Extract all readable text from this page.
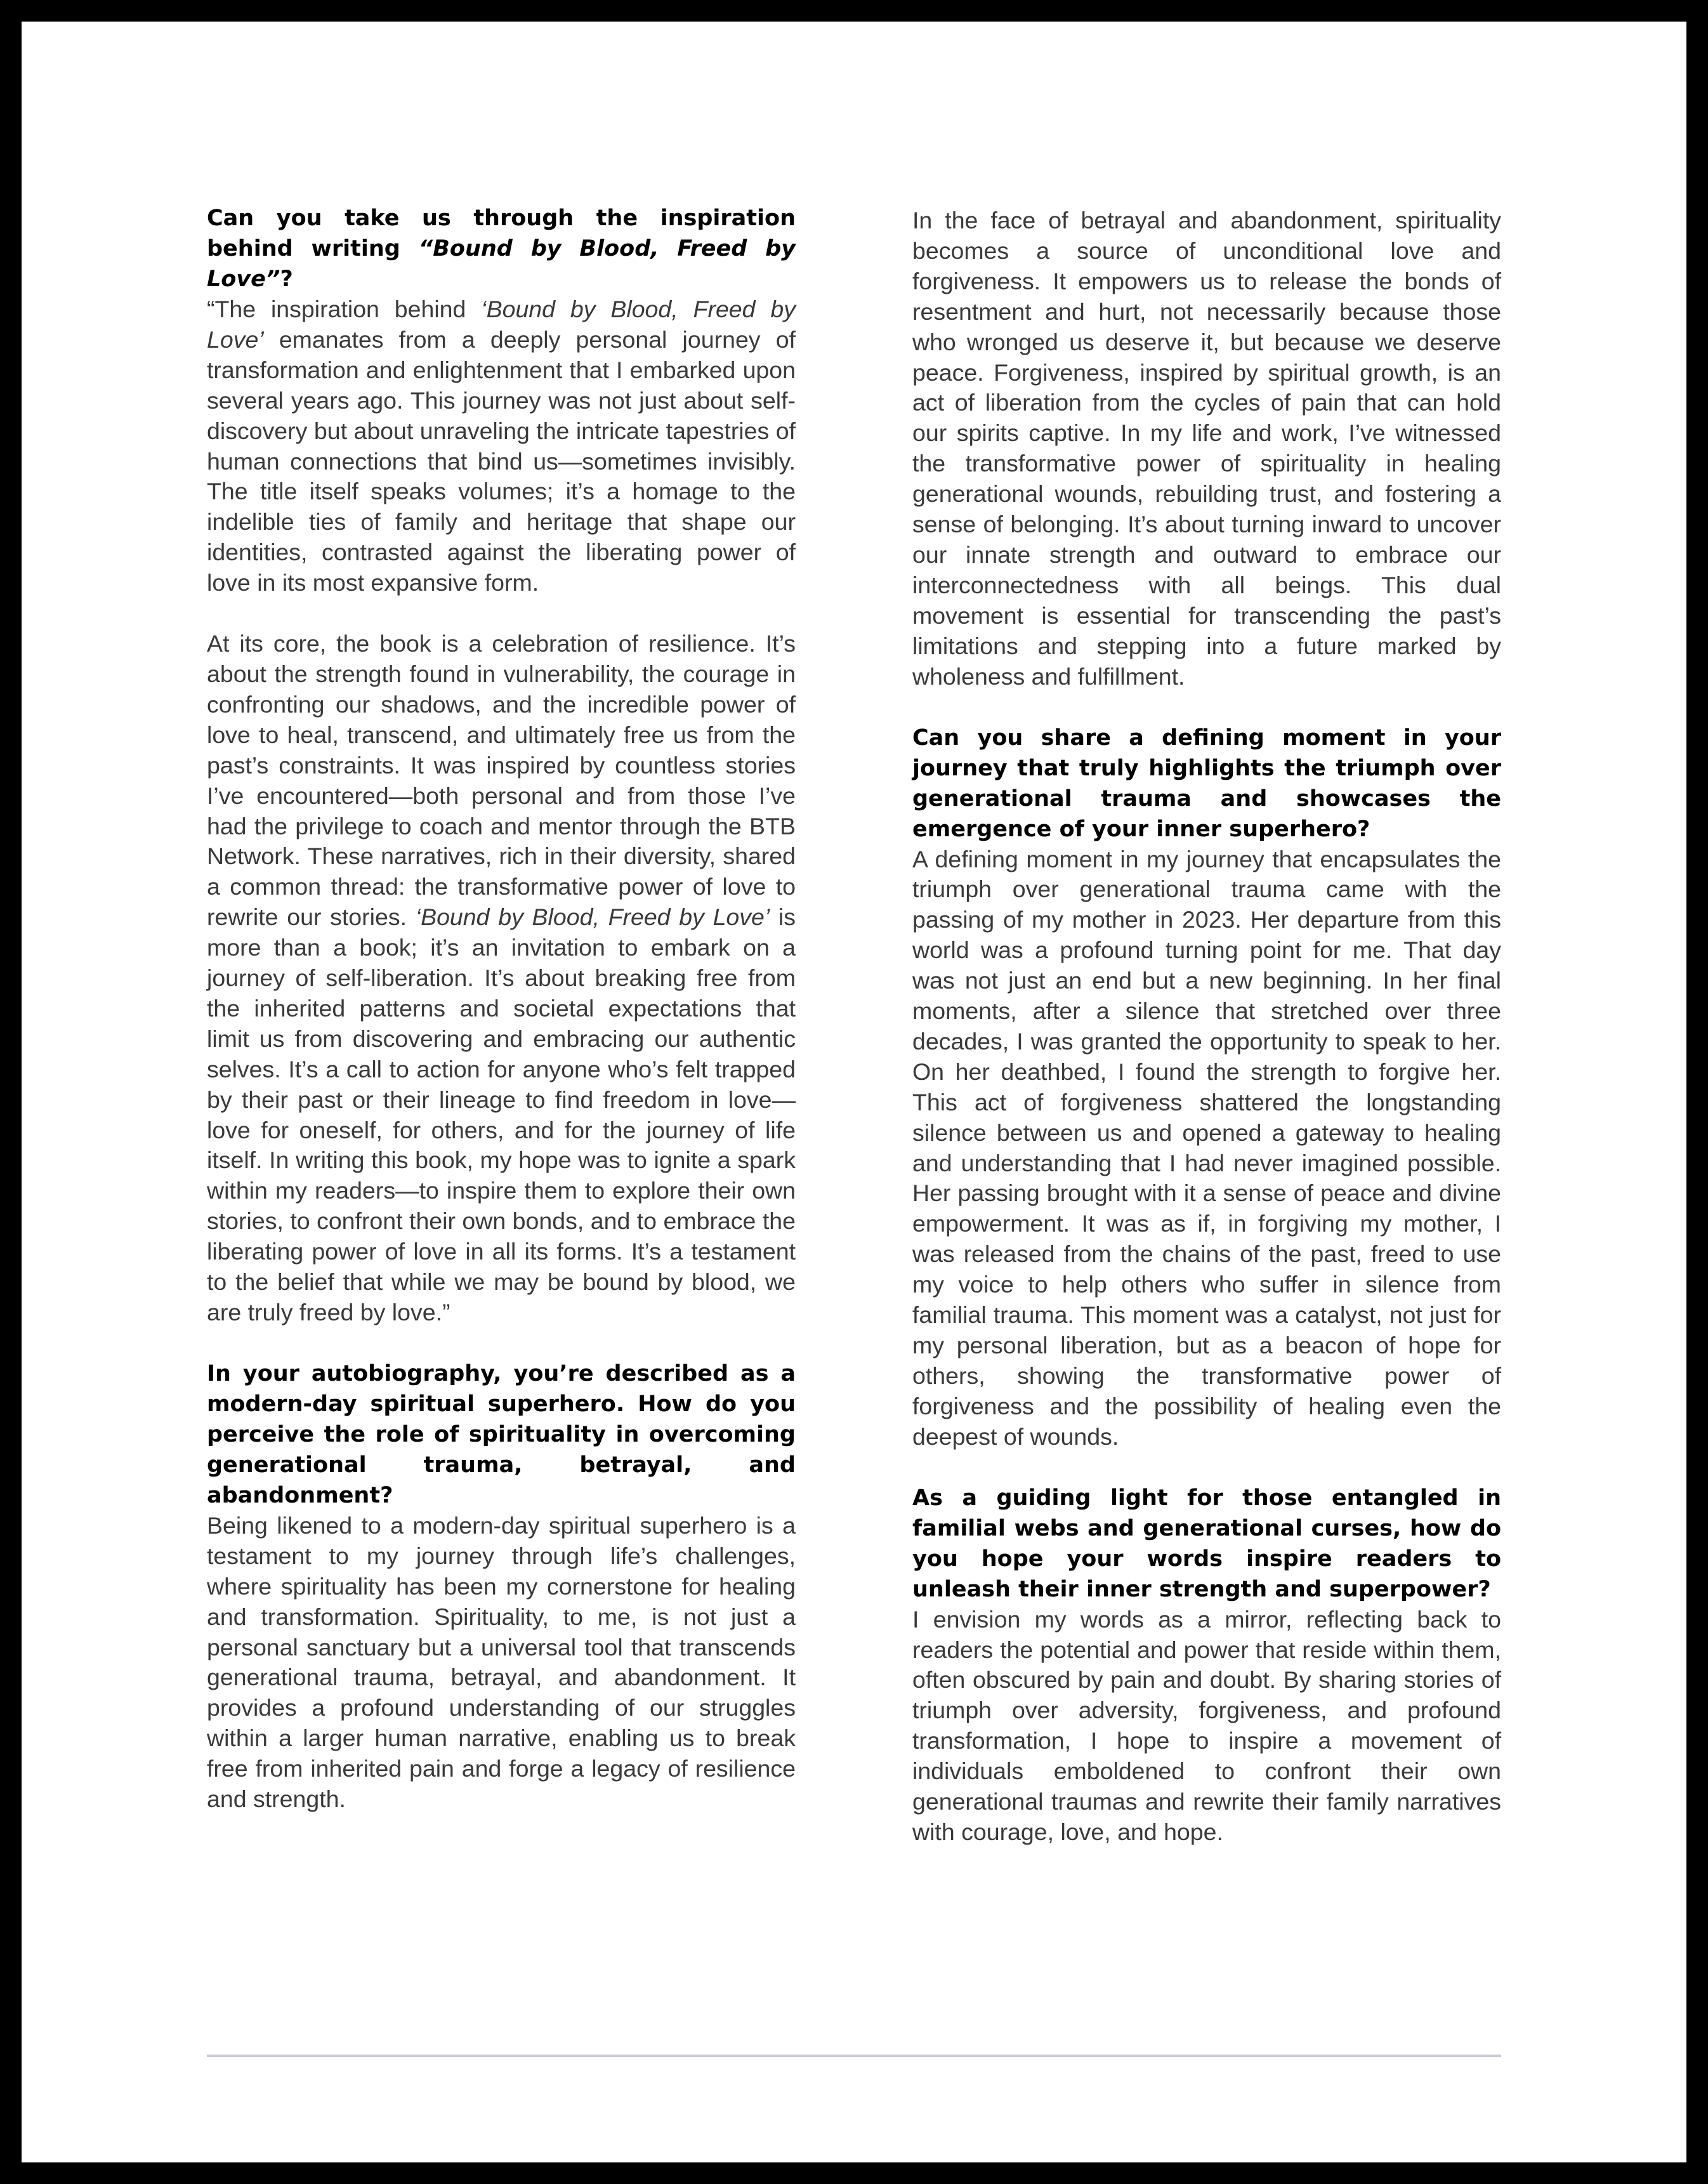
Can you take us through the inspiration behind writing “Bound by Blood, Freed by Love”?

“The inspiration behind ‘Bound by Blood, Freed by Love’ emanates from a deeply personal journey of transformation and enlightenment that I embarked upon several years ago. This journey was not just about self-discovery but about unraveling the intricate tapestries of human connections that bind us—sometimes invisibly. The title itself speaks volumes; it’s a homage to the indelible ties of family and heritage that shape our identities, contrasted against the liberating power of love in its most expansive form.

At its core, the book is a celebration of resilience. It’s about the strength found in vulnerability, the courage in confronting our shadows, and the incredible power of love to heal, transcend, and ultimately free us from the past’s constraints. It was inspired by countless stories I’ve encountered—both personal and from those I’ve had the privilege to coach and mentor through the BTB Network. These narratives, rich in their diversity, shared a common thread: the transformative power of love to rewrite our stories. ‘Bound by Blood, Freed by Love’ is more than a book; it’s an invitation to embark on a journey of self-liberation. It’s about breaking free from the inherited patterns and societal expectations that limit us from discovering and embracing our authentic selves. It’s a call to action for anyone who’s felt trapped by their past or their lineage to find freedom in love—love for oneself, for others, and for the journey of life itself. In writing this book, my hope was to ignite a spark within my readers—to inspire them to explore their own stories, to confront their own bonds, and to embrace the liberating power of love in all its forms. It’s a testament to the belief that while we may be bound by blood, we are truly freed by love.”

In your autobiography, you’re described as a modern-day spiritual superhero. How do you perceive the role of spirituality in overcoming generational trauma, betrayal, and abandonment?

Being likened to a modern-day spiritual superhero is a testament to my journey through life’s challenges, where spirituality has been my cornerstone for healing and transformation. Spirituality, to me, is not just a personal sanctuary but a universal tool that transcends generational trauma, betrayal, and abandonment. It provides a profound understanding of our struggles within a larger human narrative, enabling us to break free from inherited pain and forge a legacy of resilience and strength.

In the face of betrayal and abandonment, spirituality becomes a source of unconditional love and forgiveness. It empowers us to release the bonds of resentment and hurt, not necessarily because those who wronged us deserve it, but because we deserve peace. Forgiveness, inspired by spiritual growth, is an act of liberation from the cycles of pain that can hold our spirits captive. In my life and work, I’ve witnessed the transformative power of spirituality in healing generational wounds, rebuilding trust, and fostering a sense of belonging. It’s about turning inward to uncover our innate strength and outward to embrace our interconnectedness with all beings. This dual movement is essential for transcending the past’s limitations and stepping into a future marked by wholeness and fulfillment.

Can you share a defining moment in your journey that truly highlights the triumph over generational trauma and showcases the emergence of your inner superhero?

A defining moment in my journey that encapsulates the triumph over generational trauma came with the passing of my mother in 2023. Her departure from this world was a profound turning point for me. That day was not just an end but a new beginning. In her final moments, after a silence that stretched over three decades, I was granted the opportunity to speak to her. On her deathbed, I found the strength to forgive her. This act of forgiveness shattered the longstanding silence between us and opened a gateway to healing and understanding that I had never imagined possible. Her passing brought with it a sense of peace and divine empowerment. It was as if, in forgiving my mother, I was released from the chains of the past, freed to use my voice to help others who suffer in silence from familial trauma. This moment was a catalyst, not just for my personal liberation, but as a beacon of hope for others, showing the transformative power of forgiveness and the possibility of healing even the deepest of wounds.

As a guiding light for those entangled in familial webs and generational curses, how do you hope your words inspire readers to unleash their inner strength and superpower?

I envision my words as a mirror, reflecting back to readers the potential and power that reside within them, often obscured by pain and doubt. By sharing stories of triumph over adversity, forgiveness, and profound transformation, I hope to inspire a movement of individuals emboldened to confront their own generational traumas and rewrite their family narratives with courage, love, and hope.
